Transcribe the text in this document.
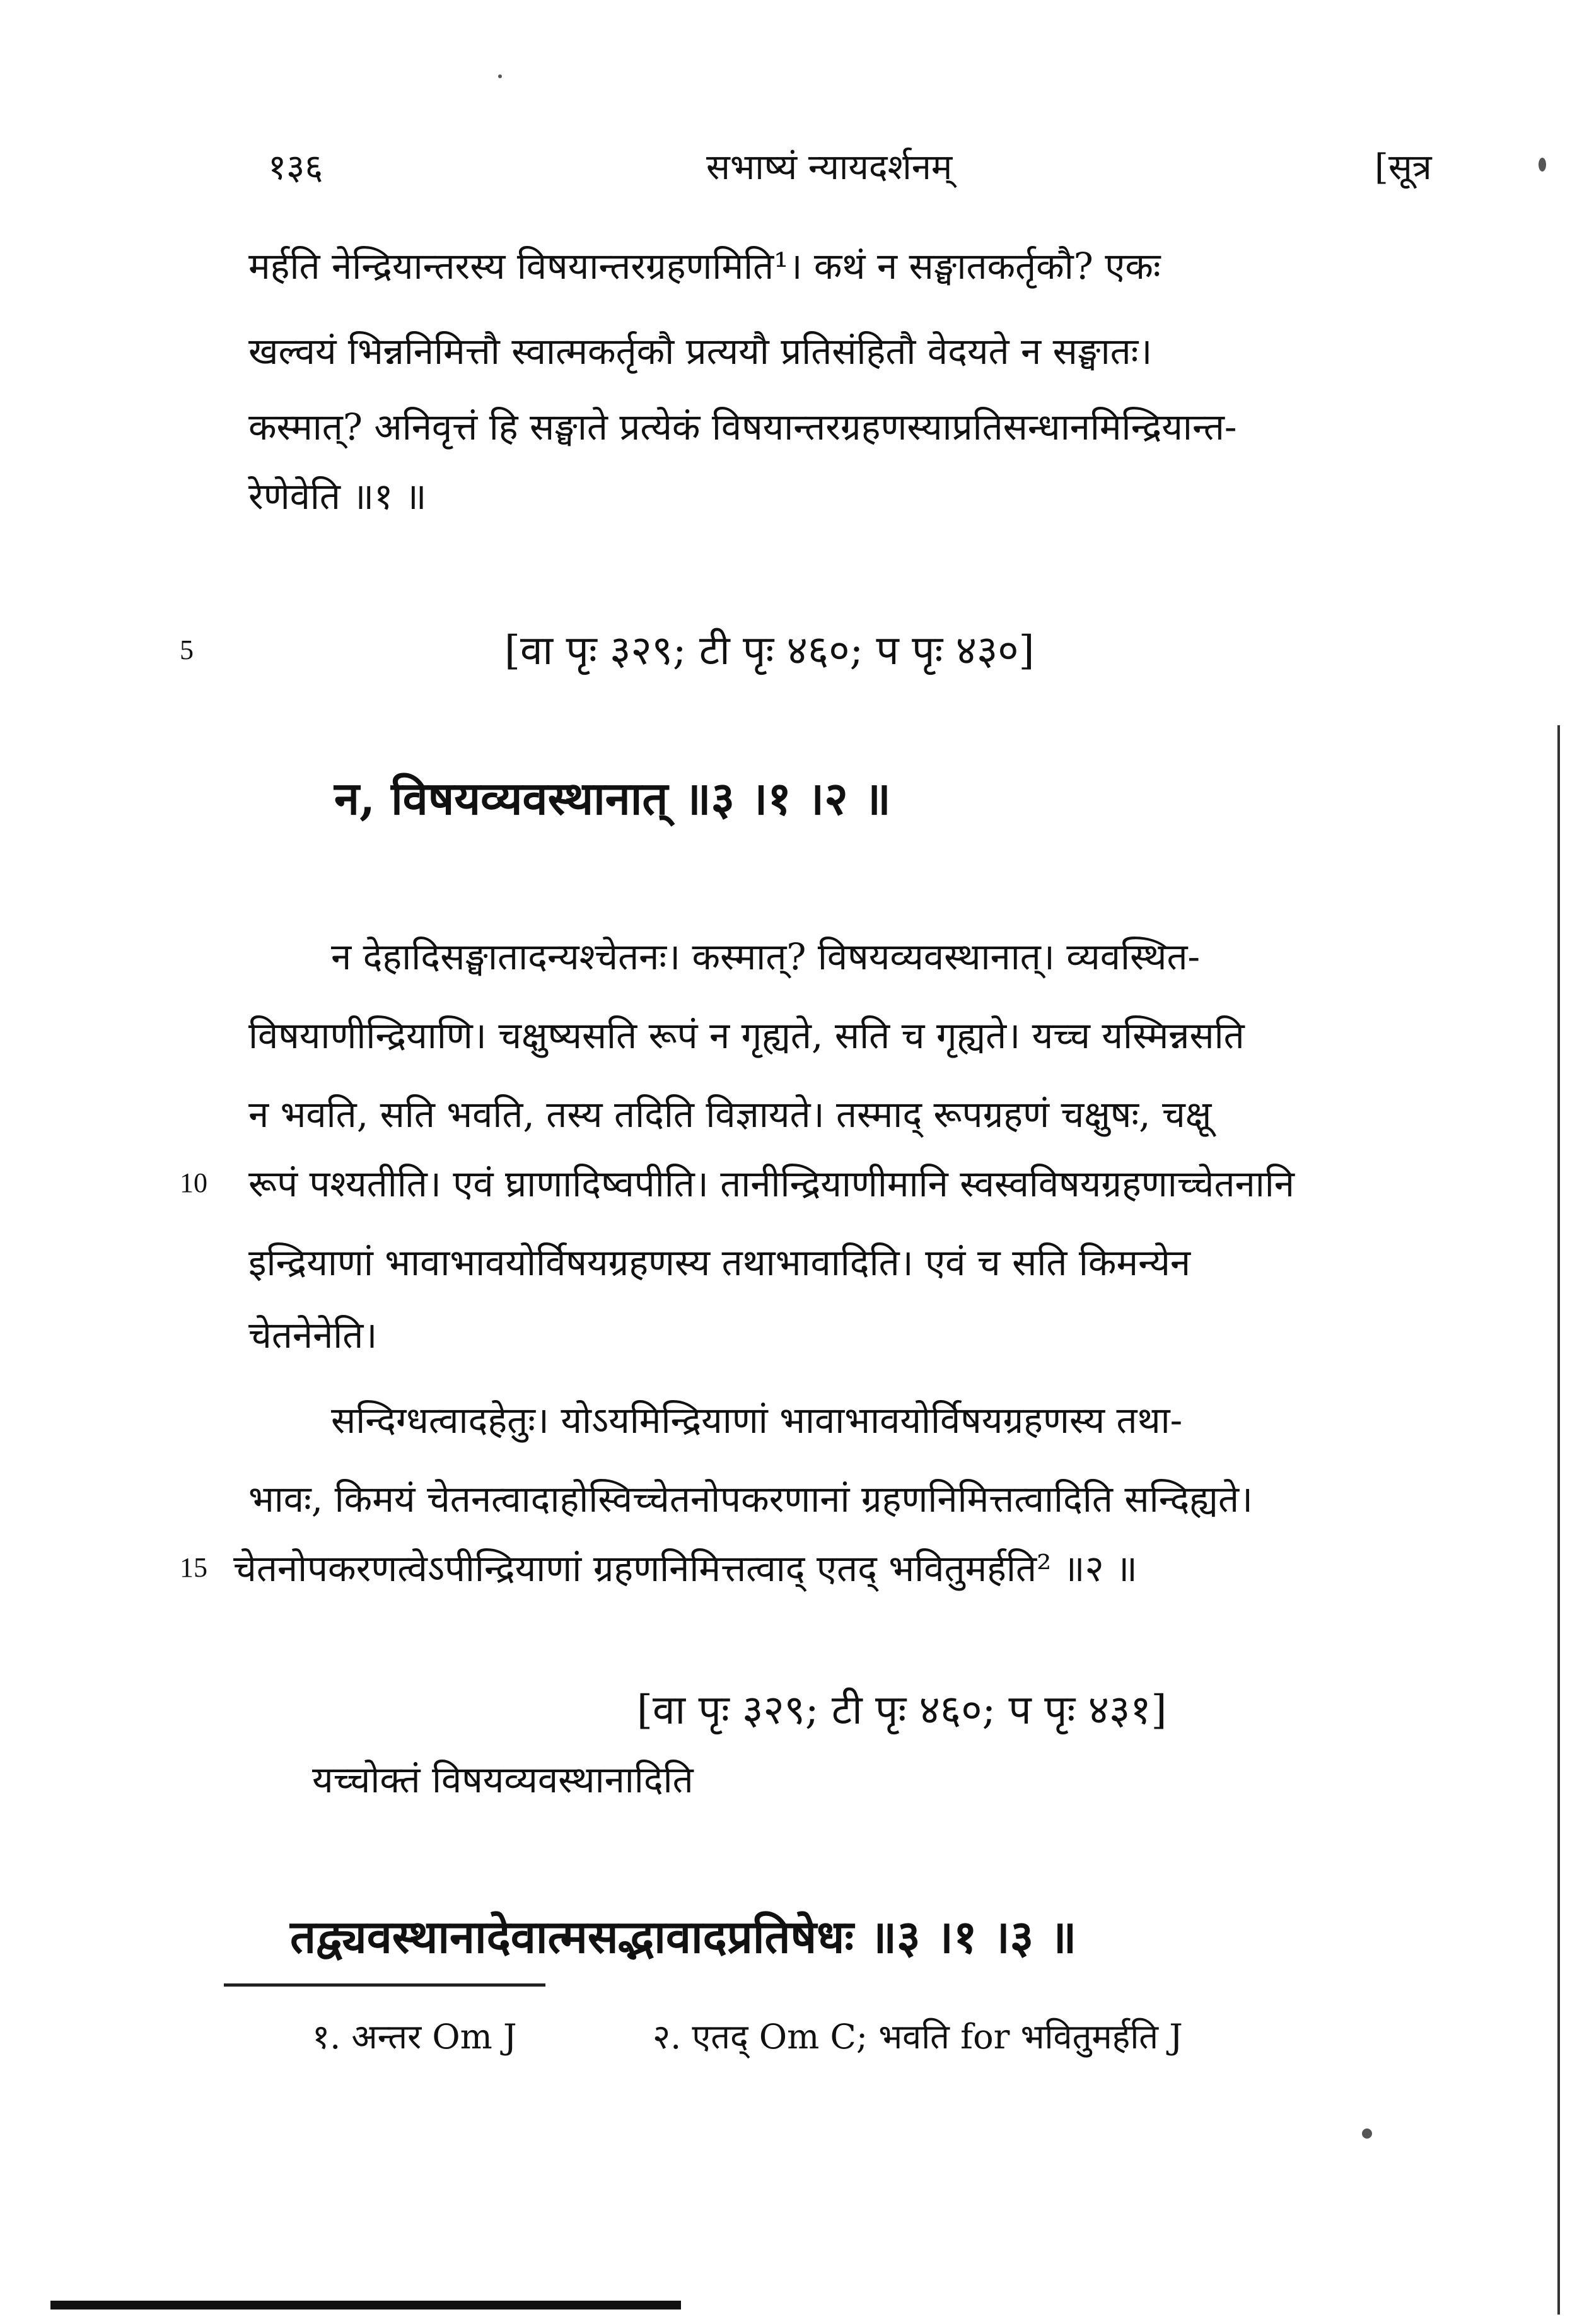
१३६	सभाष्यं न्यायदर्शनम्	[सूत्र
मर्हति नेन्द्रियान्तरस्य विषयान्तरग्रहणमिति¹। कथं न सङ्घातकर्तृकौ? एकः
खल्वयं भिन्ननिमित्तौ स्वात्मकर्तृकौ प्रत्ययौ प्रतिसंहितौ वेदयते न सङ्घातः।
कस्मात्? अनिवृत्तं हि सङ्घाते प्रत्येकं विषयान्तरग्रहणस्याप्रतिसन्धानमिन्द्रियान्त-
रेणेवेति ॥१ ॥
5	[वा पृः ३२९; टी पृः ४६०; प पृः ४३०]
न, विषयव्यवस्थानात् ॥३ ।१ ।२ ॥
न देहादिसङ्घातादन्यश्चेतनः। कस्मात्? विषयव्यवस्थानात्। व्यवस्थित-
विषयाणीन्द्रियाणि। चक्षुष्यसति रूपं न गृह्यते, सति च गृह्यते। यच्च यस्मिन्नसति
न भवति, सति भवति, तस्य तदिति विज्ञायते। तस्माद् रूपग्रहणं चक्षुषः, चक्षू
10 रूपं पश्यतीति। एवं घ्राणादिष्वपीति। तानीन्द्रियाणीमानि स्वस्वविषयग्रहणाच्चेतनानि
इन्द्रियाणां भावाभावयोर्विषयग्रहणस्य तथाभावादिति। एवं च सति किमन्येन
चेतनेनेति।
सन्दिग्धत्वादहेतुः। योऽयमिन्द्रियाणां भावाभावयोर्विषयग्रहणस्य तथा-
भावः, किमयं चेतनत्वादाहोस्विच्चेतनोपकरणानां ग्रहणनिमित्तत्वादिति सन्दिह्यते।
15 चेतनोपकरणत्वेऽपीन्द्रियाणां ग्रहणनिमित्तत्वाद् एतद् भवितुमर्हति² ॥२ ॥
[वा पृः ३२९; टी पृः ४६०; प पृः ४३१]
यच्चोक्तं विषयव्यवस्थानादिति
तद्व्यवस्थानादेवात्मसद्भावादप्रतिषेधः ॥३ ।१ ।३ ॥
१. अन्तर Om J	२. एतद् Om C; भवति for भवितुमर्हति J
